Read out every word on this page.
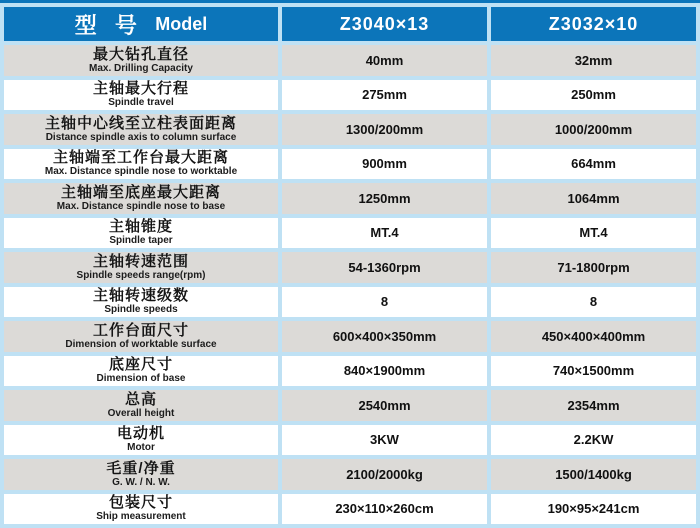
型 号 Model	Z3040×13	Z3032×10

最大钻孔直径
Max. Drilling Capacity	40mm	32mm

主轴最大行程
Spindle travel	275mm	250mm

主轴中心线至立柱表面距离
Distance spindle axis to column surface	1300/200mm	1000/200mm

主轴端至工作台最大距离
Max. Distance spindle nose to worktable	900mm	664mm

主轴端至底座最大距离
Max. Distance spindle nose to base	1250mm	1064mm

主轴锥度
Spindle taper	MT.4	MT.4

主轴转速范围
Spindle speeds range(rpm)	54-1360rpm	71-1800rpm

主轴转速级数
Spindle speeds	8	8

工作台面尺寸
Dimension of worktable surface	600×400×350mm	450×400×400mm

底座尺寸
Dimension of base	840×1900mm	740×1500mm

总高
Overall height	2540mm	2354mm

电动机
Motor	3KW	2.2KW

毛重/净重
G. W. / N. W.	2100/2000kg	1500/1400kg

包装尺寸
Ship measurement	230×110×260cm	190×95×241cm
